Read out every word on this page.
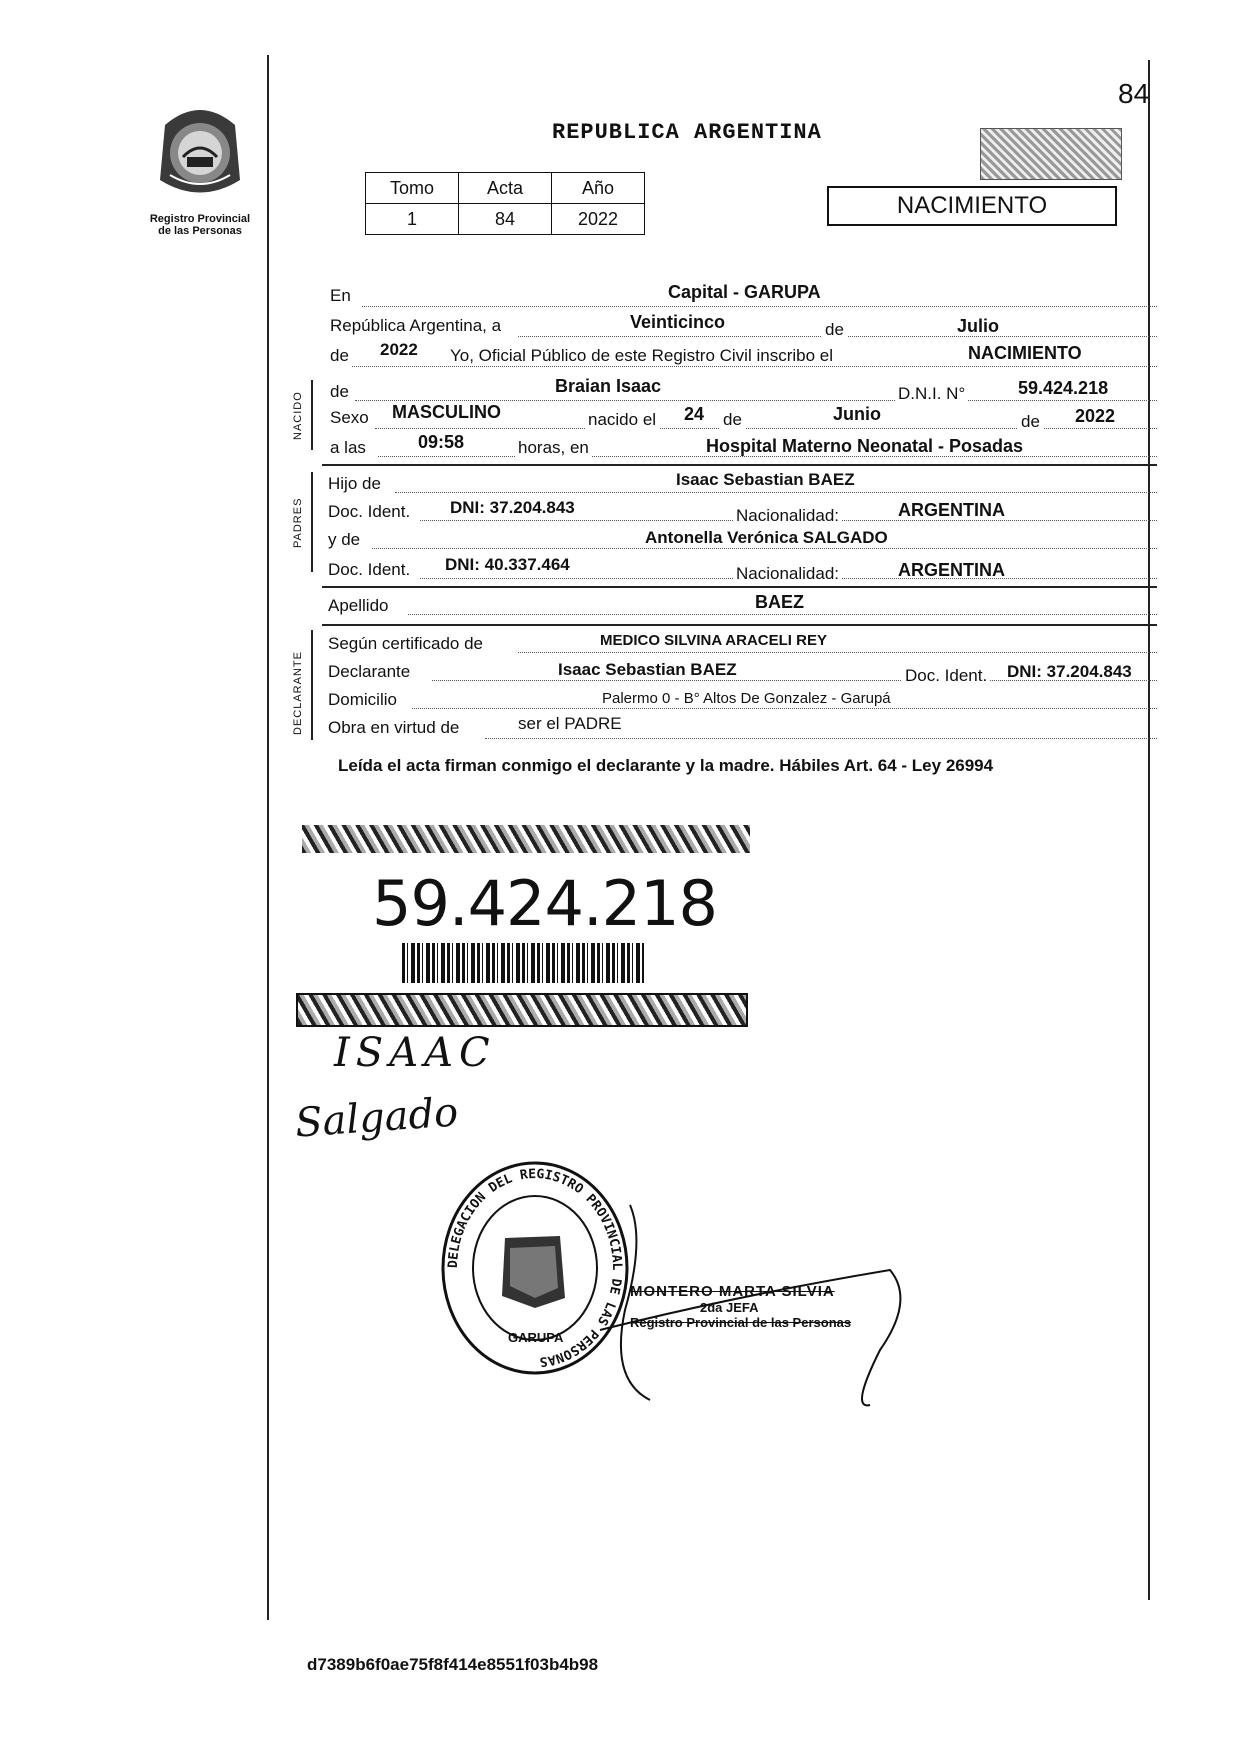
84
Registro Provincial
de las Personas
REPUBLICA ARGENTINA
Tomo	Acta	Año
1	84	2022	NACIMIENTO
NACIDO
PADRES
DECLARANTE
En	Capital - GARUPA
República Argentina, a	Veinticinco	de	Julio
de 2022 Yo, Oficial Público de este Registro Civil inscribo el	NACIMIENTO
de	Braian Isaac	D.N.I. N°	59.424.218
Sexo MASCULINO	nacido el 24 de	Junio	de 2022
a las	09:58	horas, en	Hospital Materno Neonatal - Posadas
Hijo de	Isaac Sebastian BAEZ
Doc. Ident. DNI: 37.204.843	Nacionalidad:	ARGENTINA
y de	Antonella Verónica SALGADO
Doc. Ident. DNI: 40.337.464	Nacionalidad:	ARGENTINA
Apellido	BAEZ
Según certificado de	MEDICO SILVINA ARACELI REY
Declarante	Isaac Sebastian BAEZ	Doc. Ident. DNI: 37.204.843
Domicilio	Palermo 0 - B° Altos De Gonzalez - Garupá
Obra en virtud de	ser el PADRE
Leída el acta firman conmigo el declarante y la madre. Hábiles Art. 64 - Ley 26994
59.424.218
ISAAC
Salgado
DELEGACION DEL REGISTRO PROVINCIAL DE LAS PERSONAS
GARUPA
MONTERO MARTA SILVIA
2da JEFA
Registro Provincial de las Personas
d7389b6f0ae75f8f414e8551f03b4b98
